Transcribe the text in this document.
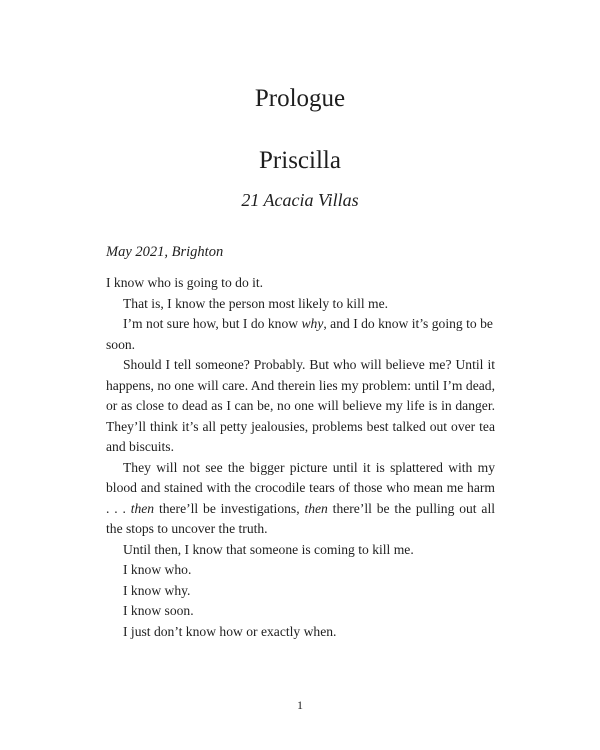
Prologue
Priscilla
21 Acacia Villas
May 2021, Brighton

I know who is going to do it.

That is, I know the person most likely to kill me.

I’m not sure how, but I do know why, and I do know it’s going to be soon.

Should I tell someone? Probably. But who will believe me? Until it happens, no one will care. And therein lies my problem: until I’m dead, or as close to dead as I can be, no one will believe my life is in danger. They’ll think it’s all petty jealousies, problems best talked out over tea and biscuits.

They will not see the bigger picture until it is splattered with my blood and stained with the crocodile tears of those who mean me harm . . . then there’ll be investigations, then there’ll be the pulling out all the stops to uncover the truth.

Until then, I know that someone is coming to kill me.

I know who.

I know why.

I know soon.

I just don’t know how or exactly when.

1
